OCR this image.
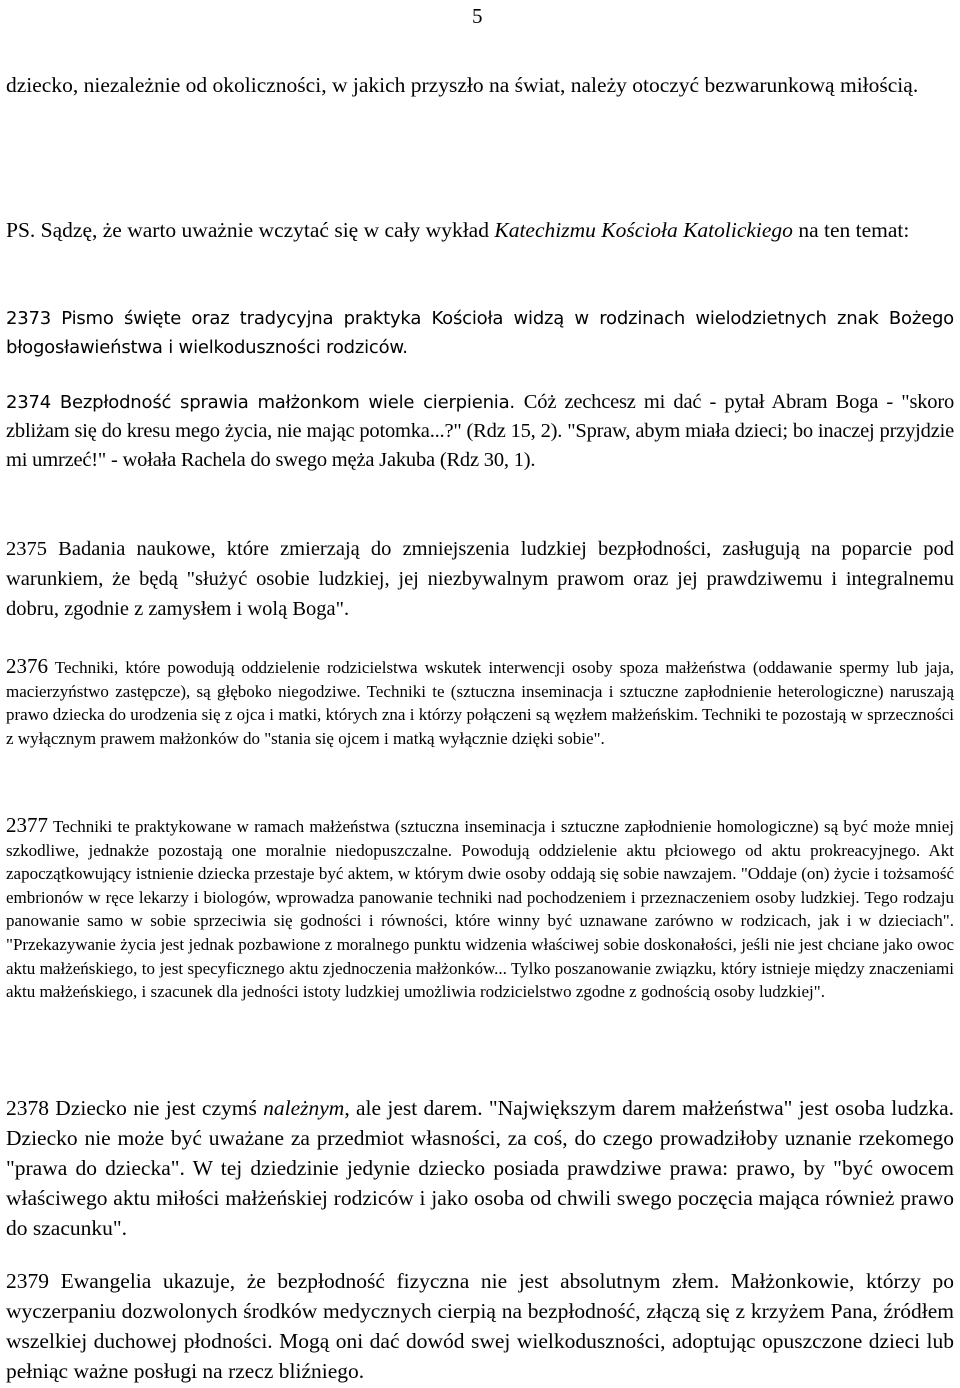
5

dziecko, niezależnie od okoliczności, w jakich przyszło na świat, należy otoczyć bezwarunkową miłością.

PS. Sądzę, że warto uważnie wczytać się w cały wykład Katechizmu Kościoła Katolickiego na ten temat:

2373 Pismo święte oraz tradycyjna praktyka Kościoła widzą w rodzinach wielodzietnych znak Bożego błogosławieństwa i wielkoduszności rodziców.

2374 Bezpłodność sprawia małżonkom wiele cierpienia. Cóż zechcesz mi dać - pytał Abram Boga - "skoro zbliżam się do kresu mego życia, nie mając potomka...?" (Rdz 15, 2). "Spraw, abym miała dzieci; bo inaczej przyjdzie mi umrzeć!" - wołała Rachela do swego męża Jakuba (Rdz 30, 1).

2375 Badania naukowe, które zmierzają do zmniejszenia ludzkiej bezpłodności, zasługują na poparcie pod warunkiem, że będą "służyć osobie ludzkiej, jej niezbywalnym prawom oraz jej prawdziwemu i integralnemu dobru, zgodnie z zamysłem i wolą Boga".

2376 Techniki, które powodują oddzielenie rodzicielstwa wskutek interwencji osoby spoza małżeństwa (oddawanie spermy lub jaja, macierzyństwo zastępcze), są głęboko niegodziwe. Techniki te (sztuczna inseminacja i sztuczne zapłodnienie heterologiczne) naruszają prawo dziecka do urodzenia się z ojca i matki, których zna i którzy połączeni są węzłem małżeńskim. Techniki te pozostają w sprzeczności z wyłącznym prawem małżonków do "stania się ojcem i matką wyłącznie dzięki sobie".

2377 Techniki te praktykowane w ramach małżeństwa (sztuczna inseminacja i sztuczne zapłodnienie homologiczne) są być może mniej szkodliwe, jednakże pozostają one moralnie niedopuszczalne. Powodują oddzielenie aktu płciowego od aktu prokreacyjnego. Akt zapoczątkowujący istnienie dziecka przestaje być aktem, w którym dwie osoby oddają się sobie nawzajem. "Oddaje (on) życie i tożsamość embrionów w ręce lekarzy i biologów, wprowadza panowanie techniki nad pochodzeniem i przeznaczeniem osoby ludzkiej. Tego rodzaju panowanie samo w sobie sprzeciwia się godności i równości, które winny być uznawane zarówno w rodzicach, jak i w dzieciach". "Przekazywanie życia jest jednak pozbawione z moralnego punktu widzenia właściwej sobie doskonałości, jeśli nie jest chciane jako owoc aktu małżeńskiego, to jest specyficznego aktu zjednoczenia małżonków... Tylko poszanowanie związku, który istnieje między znaczeniami aktu małżeńskiego, i szacunek dla jedności istoty ludzkiej umożliwia rodzicielstwo zgodne z godnością osoby ludzkiej".

2378 Dziecko nie jest czymś należnym, ale jest darem. "Największym darem małżeństwa" jest osoba ludzka. Dziecko nie może być uważane za przedmiot własności, za coś, do czego prowadziłoby uznanie rzekomego "prawa do dziecka". W tej dziedzinie jedynie dziecko posiada prawdziwe prawa: prawo, by "być owocem właściwego aktu miłości małżeńskiej rodziców i jako osoba od chwili swego poczęcia mająca również prawo do szacunku".

2379 Ewangelia ukazuje, że bezpłodność fizyczna nie jest absolutnym złem. Małżonkowie, którzy po wyczerpaniu dozwolonych środków medycznych cierpią na bezpłodność, złączą się z krzyżem Pana, źródłem wszelkiej duchowej płodności. Mogą oni dać dowód swej wielkoduszności, adoptując opuszczone dzieci lub pełniąc ważne posługi na rzecz bliźniego.
